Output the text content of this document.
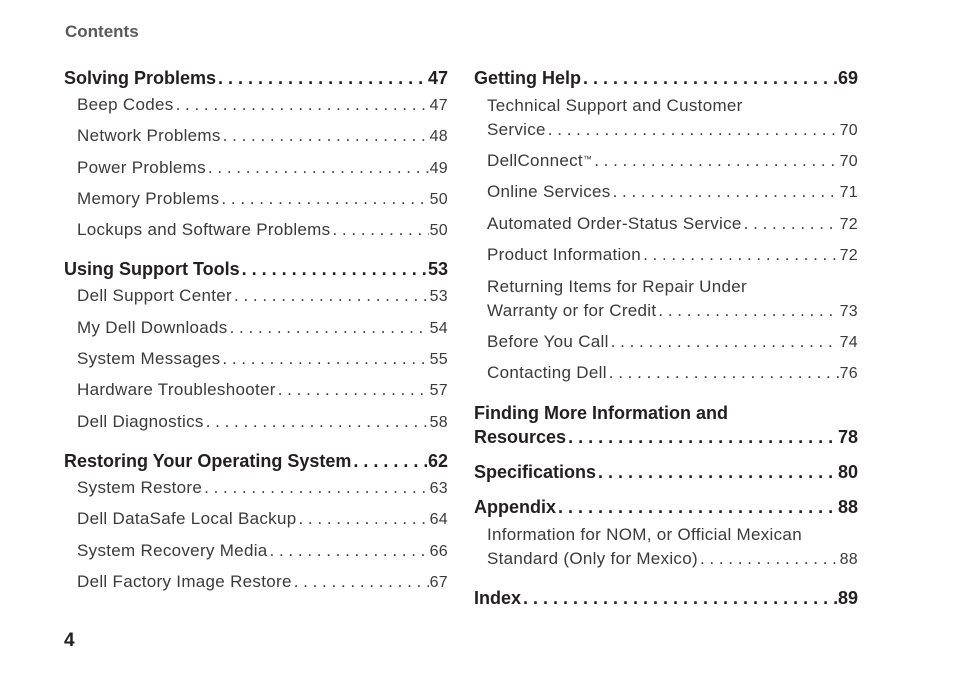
Contents
Solving Problems . . .	47
Beep Codes . . .	47
Network Problems . . .	48
Power Problems . . .	49
Memory Problems . . .	50
Lockups and Software Problems . . .	50
Using Support Tools . . .	53
Dell Support Center . . .	53
My Dell Downloads . . .	54
System Messages . . .	55
Hardware Troubleshooter . . .	57
Dell Diagnostics . . .	58
Restoring Your Operating System . . .	62
System Restore . . .	63
Dell DataSafe Local Backup . . .	64
System Recovery Media . . .	66
Dell Factory Image Restore . . .	67
Getting Help . . .	69
Technical Support and Customer
Service . . .	70
DellConnect™ . . .	70
Online Services . . .	71
Automated Order-Status Service . . .	72
Product Information . . .	72
Returning Items for Repair Under
Warranty or for Credit . . .	73
Before You Call . . .	74
Contacting Dell . . .	76
Finding More Information and
Resources . . .	78
Specifications . . .	80
Appendix . . .	88
Information for NOM, or Official Mexican
Standard (Only for Mexico) . . .	88
Index . . .	89
4
